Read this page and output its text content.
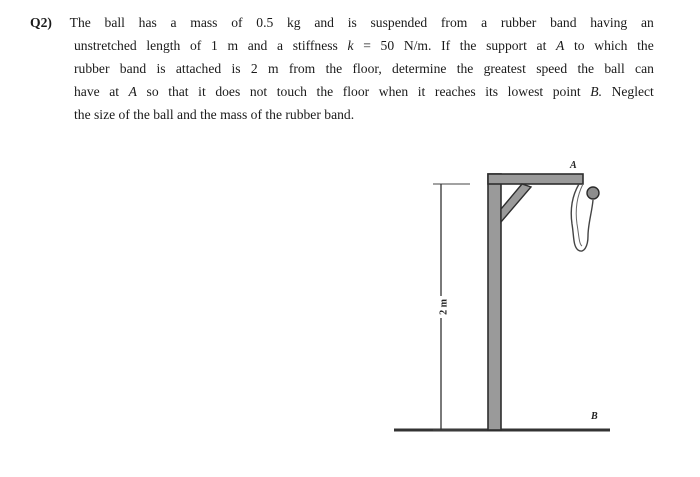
Q2) The ball has a mass of 0.5 kg and is suspended from a rubber band having an
unstretched length of 1 m and a stiffness k = 50 N/m. If the support at A to which the
rubber band is attached is 2 m from the floor, determine the greatest speed the ball can
have at A so that it does not touch the floor when it reaches its lowest point B. Neglect
the size of the ball and the mass of the rubber band.
2 m
A
B
